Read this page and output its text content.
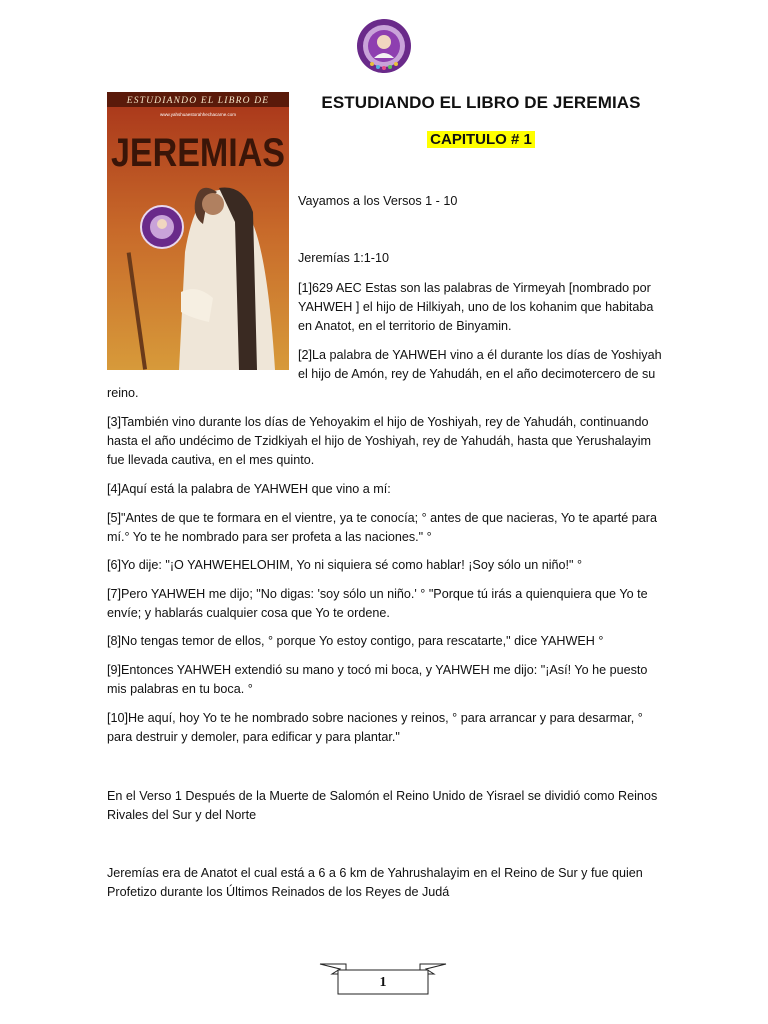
ESTUDIANDO EL LIBRO DE
www.yahshuaestorahhechacarne.com
JEREMIAS
ESTUDIANDO EL LIBRO DE JEREMIAS
CAPITULO # 1
Vayamos a los Versos 1 - 10
Jeremías 1:1-10
[1]629 AEC Estas son las palabras de Yirmeyah [nombrado por YAHWEH ] el hijo de Hilkiyah, uno de los kohanim que habitaba en Anatot, en el territorio de Binyamin.

[2]La palabra de YAHWEH vino a él durante los días de Yoshiyah el hijo de Amón, rey de Yahudáh, en el año decimotercero de su reino.

[3]También vino durante los días de Yehoyakim el hijo de Yoshiyah, rey de Yahudáh, continuando hasta el año undécimo de Tzidkiyah el hijo de Yoshiyah, rey de Yahudáh, hasta que Yerushalayim fue llevada cautiva, en el mes quinto.
[4]Aquí está la palabra de YAHWEH que vino a mí:
[5]"Antes de que te formara en el vientre, ya te conocía; ° antes de que nacieras, Yo te aparté para mí.° Yo te he nombrado para ser profeta a las naciones." °
[6]Yo dije: "¡O YAHWEHELOHIM, Yo ni siquiera sé como hablar! ¡Soy sólo un niño!" °
[7]Pero YAHWEH me dijo; "No digas: 'soy sólo un niño.' ° "Porque tú irás a quienquiera que Yo te envíe; y hablarás cualquier cosa que Yo te ordene.
[8]No tengas temor de ellos, ° porque Yo estoy contigo, para rescatarte," dice YAHWEH °
[9]Entonces YAHWEH extendió su mano y tocó mi boca, y YAHWEH me dijo: "¡Así! Yo he puesto mis palabras en tu boca. °
[10]He aquí, hoy Yo te he nombrado sobre naciones y reinos, ° para arrancar y para desarmar, ° para destruir y demoler, para edificar y para plantar."
En el Verso 1 Después de la Muerte de Salomón el Reino Unido de Yisrael se dividió como Reinos Rivales del Sur y del Norte
Jeremías era de Anatot el cual está a 6 a 6 km de Yahrushalayim en el Reino de Sur y fue quien Profetizo durante los Últimos Reinados de los Reyes de Judá
1
